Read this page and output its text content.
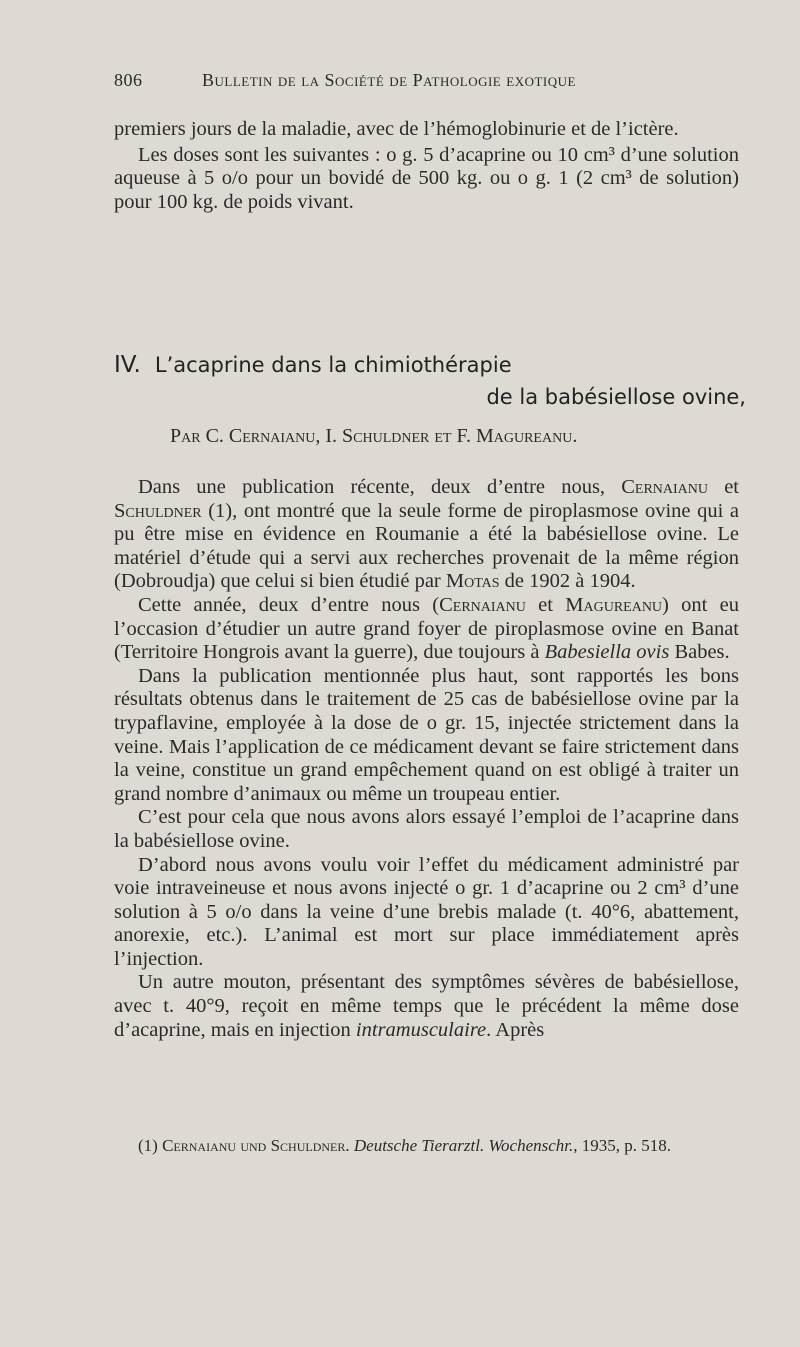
806	Bulletin de la Société de Pathologie exotique

premiers jours de la maladie, avec de l’hémoglobinurie et de l’ictère.

Les doses sont les suivantes : o g. 5 d’acaprine ou 10 cm³ d’une solution aqueuse à 5 o/o pour un bovidé de 500 kg. ou o g. 1 (2 cm³ de solution) pour 100 kg. de poids vivant.

IV. L’acaprine dans la chimiothérapie
de la babésiellose ovine,
Par C. Cernaianu, I. Schuldner et F. Magureanu.

Dans une publication récente, deux d’entre nous, Cernaianu et Schuldner (1), ont montré que la seule forme de piroplasmose ovine qui a pu être mise en évidence en Roumanie a été la babésiellose ovine. Le matériel d’étude qui a servi aux recherches provenait de la même région (Dobroudja) que celui si bien étudié par Motas de 1902 à 1904.

Cette année, deux d’entre nous (Cernaianu et Magureanu) ont eu l’occasion d’étudier un autre grand foyer de piroplasmose ovine en Banat (Territoire Hongrois avant la guerre), due toujours à Babesiella ovis Babes.

Dans la publication mentionnée plus haut, sont rapportés les bons résultats obtenus dans le traitement de 25 cas de babésiellose ovine par la trypaflavine, employée à la dose de o gr. 15, injectée strictement dans la veine. Mais l’application de ce médicament devant se faire strictement dans la veine, constitue un grand empêchement quand on est obligé à traiter un grand nombre d’animaux ou même un troupeau entier.

C’est pour cela que nous avons alors essayé l’emploi de l’acaprine dans la babésiellose ovine.

D’abord nous avons voulu voir l’effet du médicament administré par voie intraveineuse et nous avons injecté o gr. 1 d’acaprine ou 2 cm³ d’une solution à 5 o/o dans la veine d’une brebis malade (t. 40°6, abattement, anorexie, etc.). L’animal est mort sur place immédiatement après l’injection.

Un autre mouton, présentant des symptômes sévères de babésiellose, avec t. 40°9, reçoit en même temps que le précédent la même dose d’acaprine, mais en injection intramusculaire. Après

(1) Cernaianu und Schuldner. Deutsche Tierarztl. Wochenschr., 1935, p. 518.
